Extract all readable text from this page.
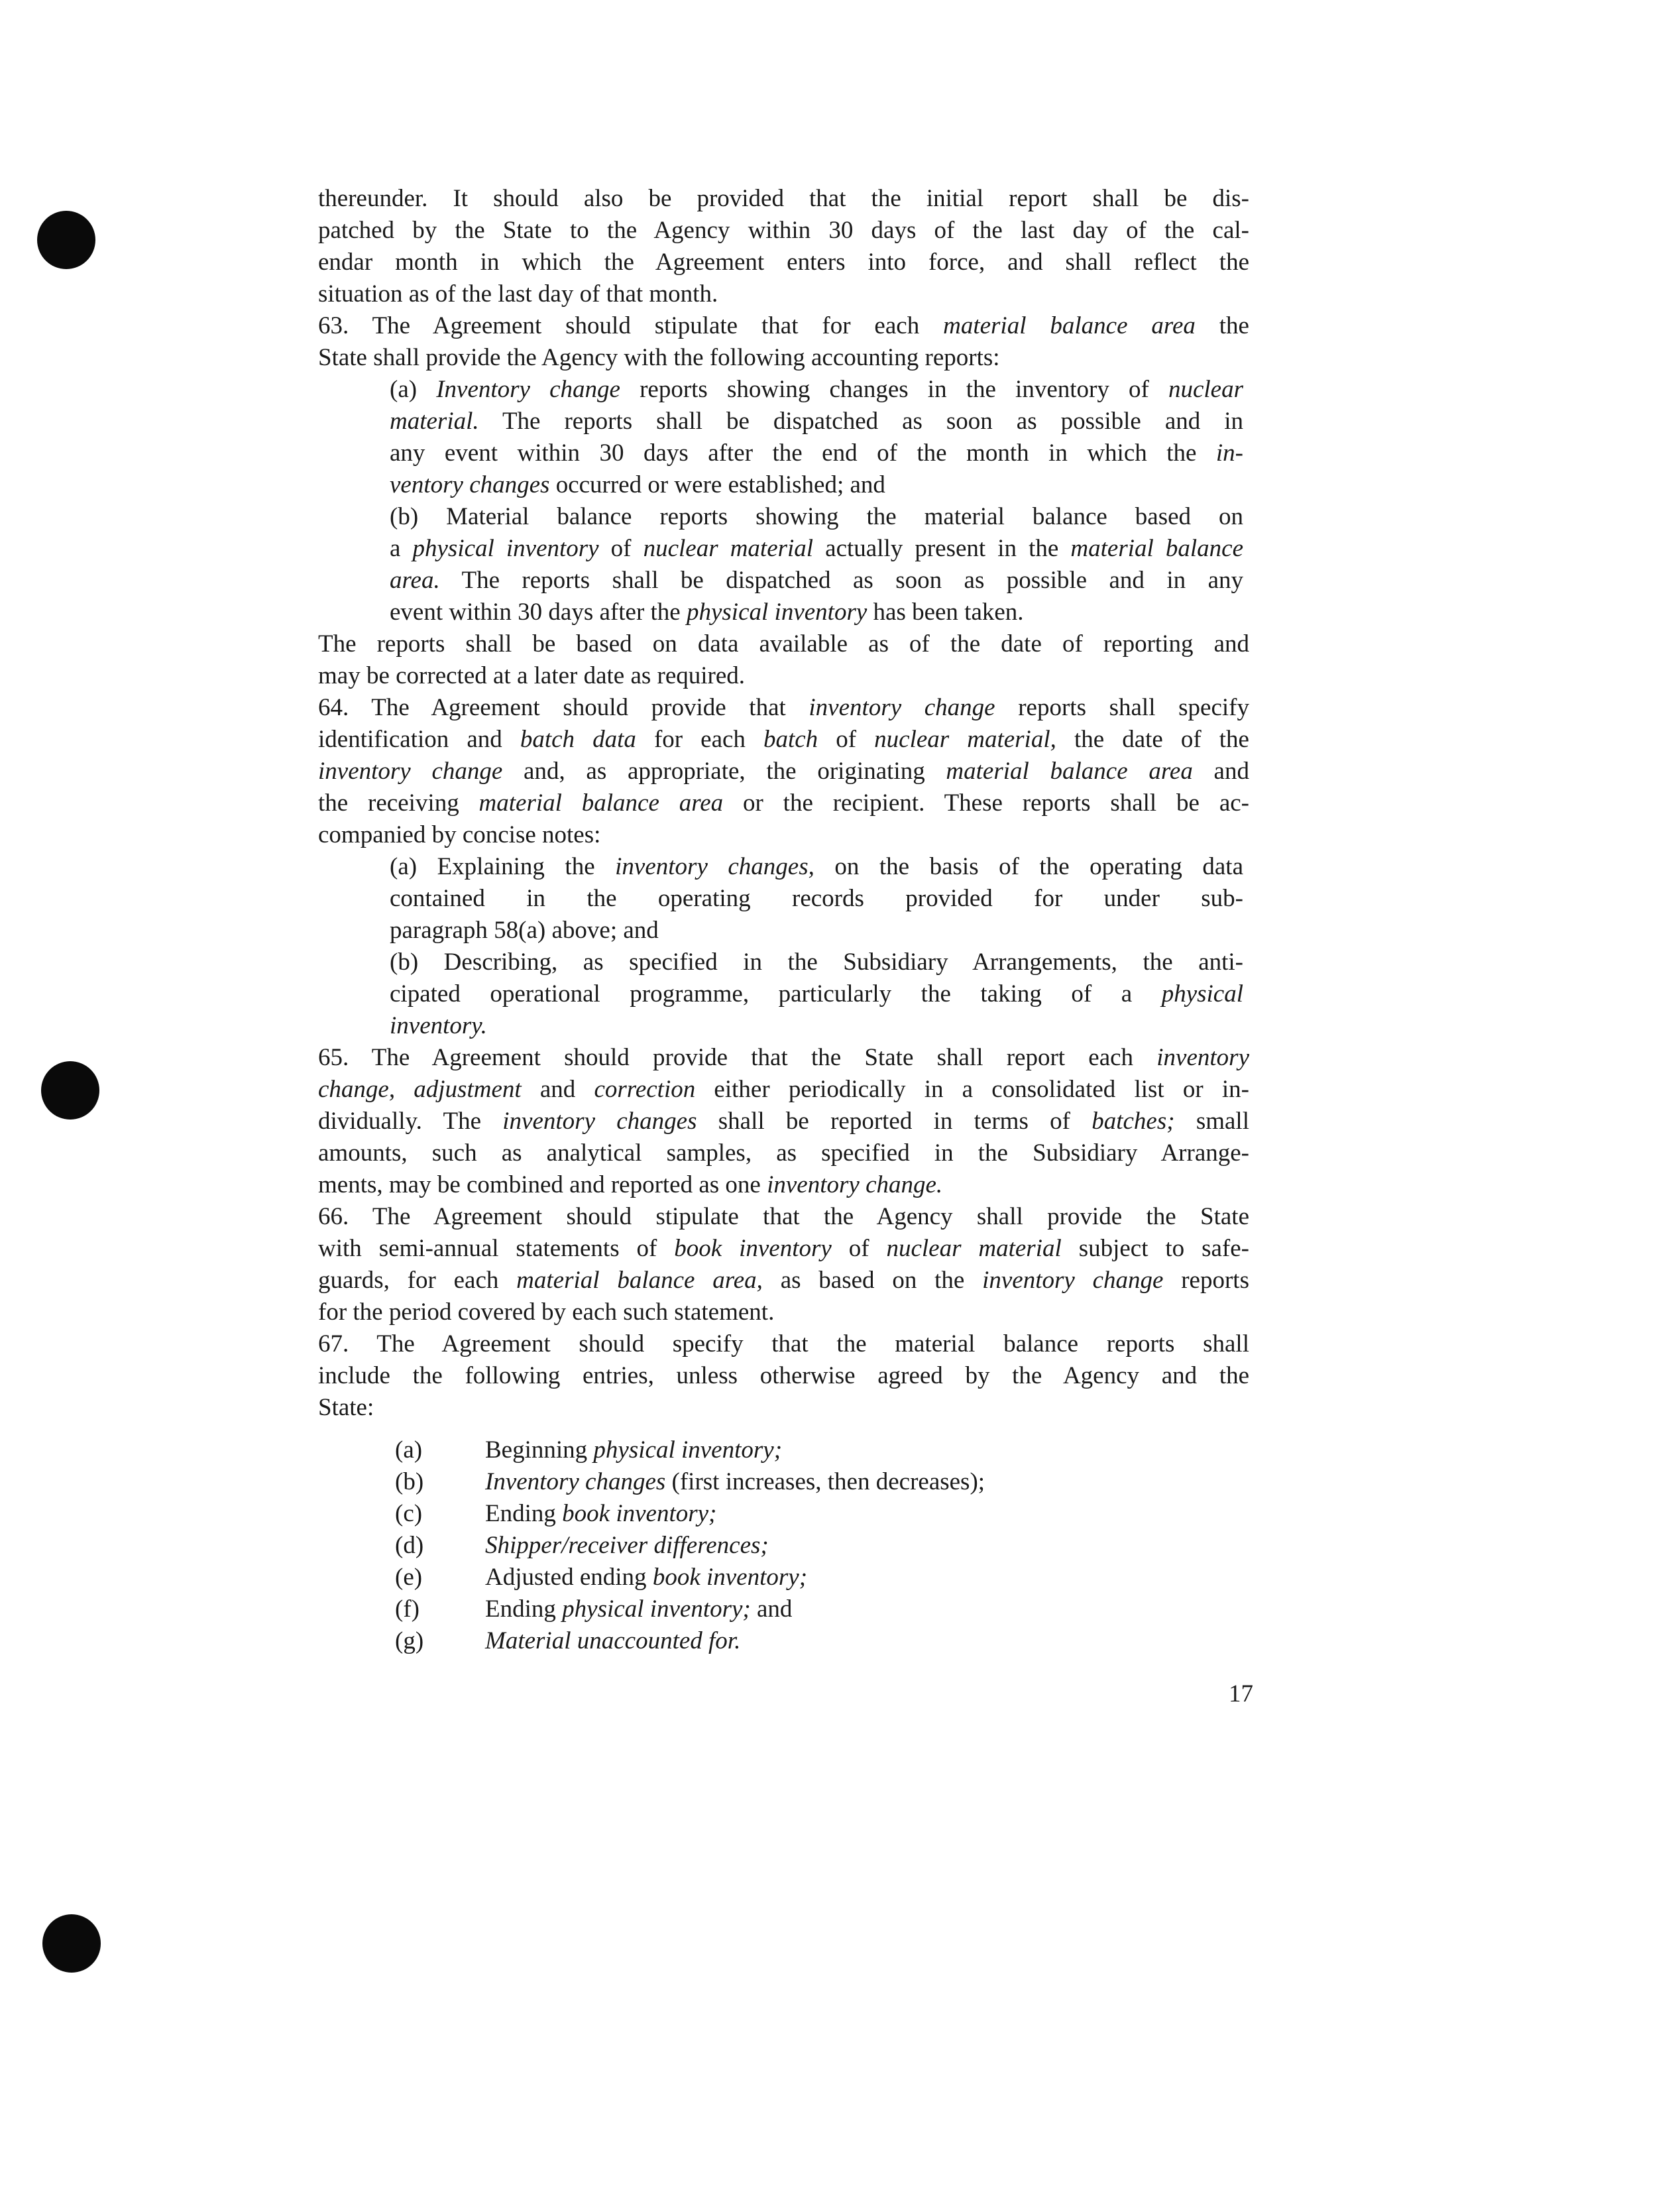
thereunder. It should also be provided that the initial report shall be dis-
patched by the State to the Agency within 30 days of the last day of the cal-
endar month in which the Agreement enters into force, and shall reflect the
situation as of the last day of that month.
63. The Agreement should stipulate that for each material balance area the
State shall provide the Agency with the following accounting reports:
(a) Inventory change reports showing changes in the inventory of nuclear
material. The reports shall be dispatched as soon as possible and in
any event within 30 days after the end of the month in which the in-
ventory changes occurred or were established; and
(b) Material balance reports showing the material balance based on
a physical inventory of nuclear material actually present in the material balance
area. The reports shall be dispatched as soon as possible and in any
event within 30 days after the physical inventory has been taken.
The reports shall be based on data available as of the date of reporting and
may be corrected at a later date as required.
64. The Agreement should provide that inventory change reports shall specify
identification and batch data for each batch of nuclear material, the date of the
inventory change and, as appropriate, the originating material balance area and
the receiving material balance area or the recipient. These reports shall be ac-
companied by concise notes:
(a) Explaining the inventory changes, on the basis of the operating data
contained in the operating records provided for under sub-
paragraph 58(a) above; and
(b) Describing, as specified in the Subsidiary Arrangements, the anti-
cipated operational programme, particularly the taking of a physical
inventory.
65. The Agreement should provide that the State shall report each inventory
change, adjustment and correction either periodically in a consolidated list or in-
dividually. The inventory changes shall be reported in terms of batches; small
amounts, such as analytical samples, as specified in the Subsidiary Arrange-
ments, may be combined and reported as one inventory change.
66. The Agreement should stipulate that the Agency shall provide the State
with semi-annual statements of book inventory of nuclear material subject to safe-
guards, for each material balance area, as based on the inventory change reports
for the period covered by each such statement.
67. The Agreement should specify that the material balance reports shall
include the following entries, unless otherwise agreed by the Agency and the
State:
(a)	Beginning physical inventory;
(b)	Inventory changes (first increases, then decreases);
(c)	Ending book inventory;
(d)	Shipper/receiver differences;
(e)	Adjusted ending book inventory;
(f)	Ending physical inventory; and
(g)	Material unaccounted for.
17
